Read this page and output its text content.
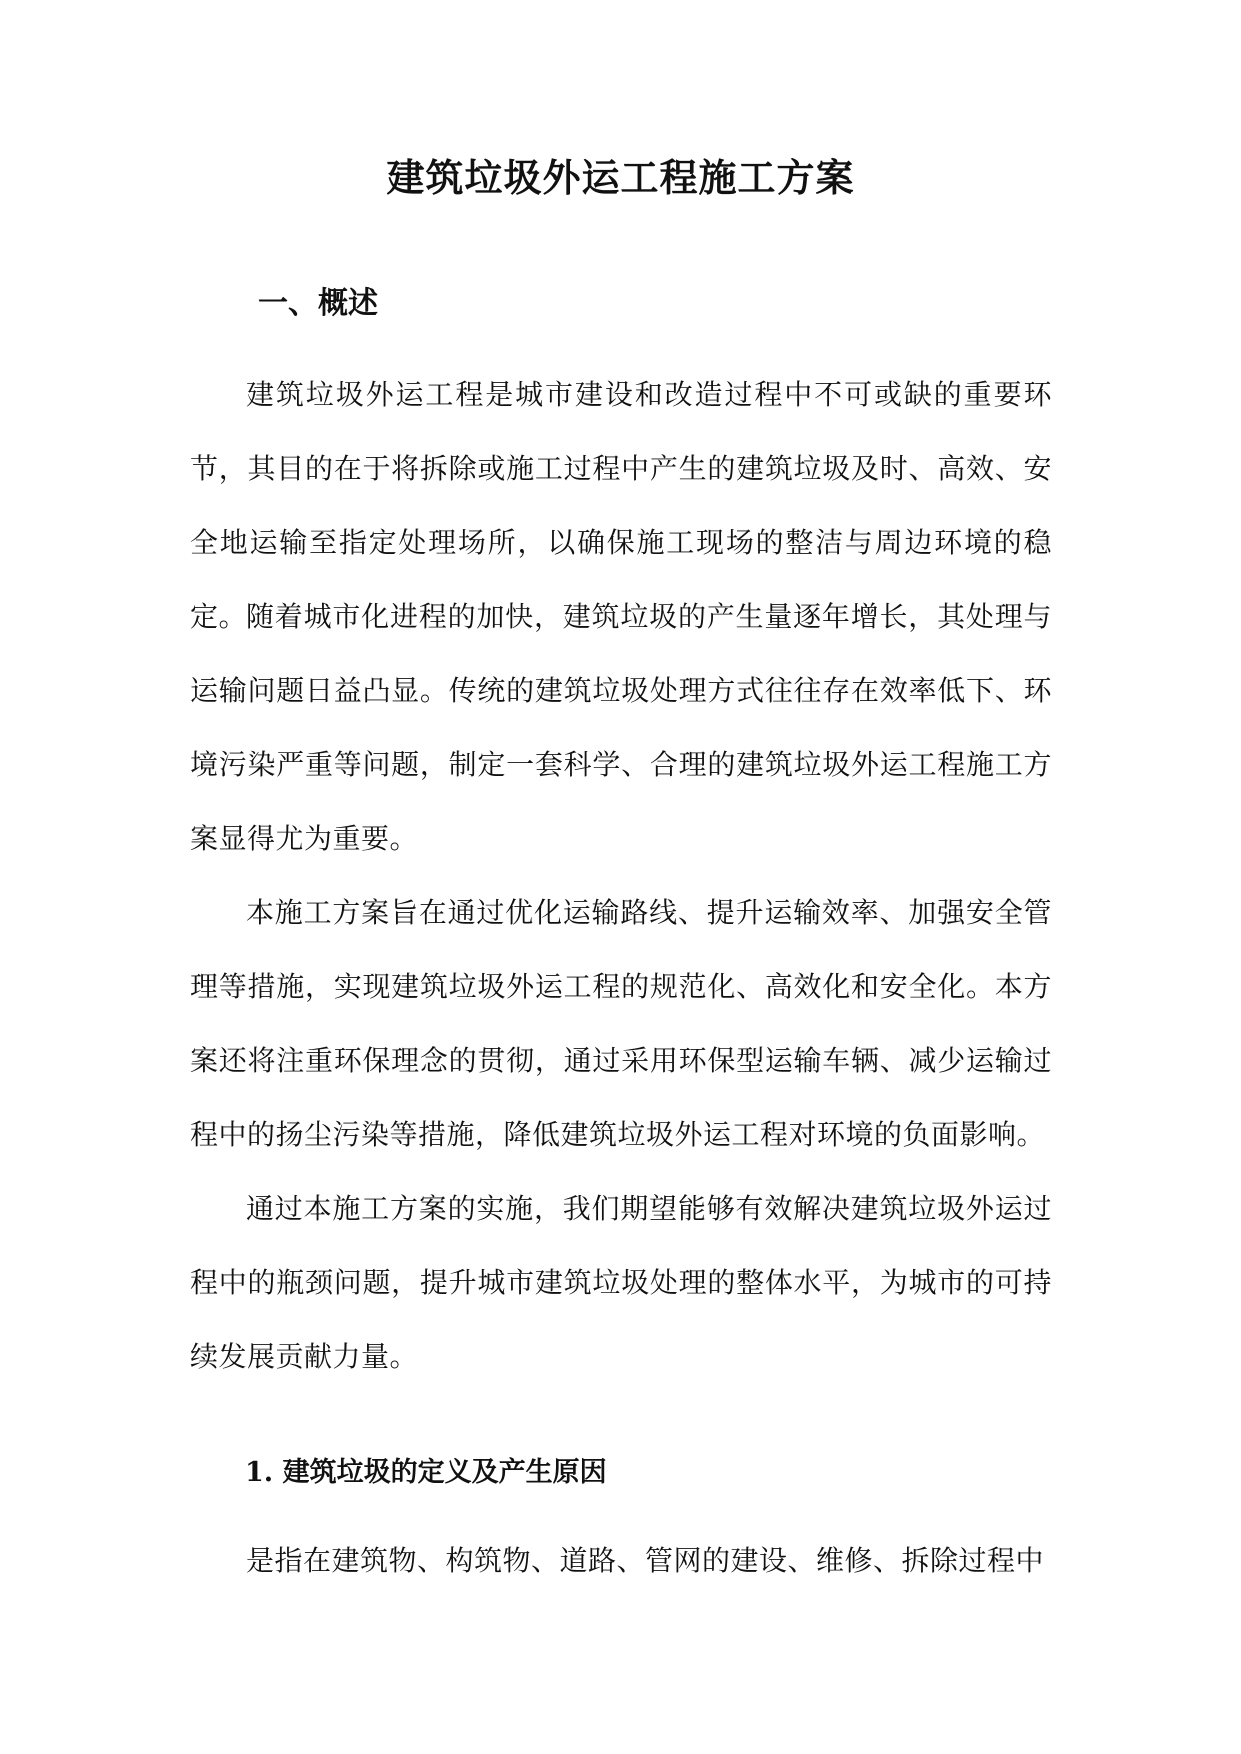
建筑垃圾外运工程施工方案
一、概述

建筑垃圾外运工程是城市建设和改造过程中不可或缺的重要环节，其目的在于将拆除或施工过程中产生的建筑垃圾及时、高效、安全地运输至指定处理场所，以确保施工现场的整洁与周边环境的稳定。

随着城市化进程的加快，建筑垃圾的产生量逐年增长，其处理与运输问题日益凸显。传统的建筑垃圾处理方式往往存在效率低下、环境污染严重等问题，制定一套科学、合理的建筑垃圾外运工程施工方案显得尤为重要。

本施工方案旨在通过优化运输路线、提升运输效率、加强安全管理等措施，实现建筑垃圾外运工程的规范化、高效化和安全化。本方案还将注重环保理念的贯彻，通过采用环保型运输车辆、减少运输过程中的扬尘污染等措施，降低建筑垃圾外运工程对环境的负面影响。

通过本施工方案的实施，我们期望能够有效解决建筑垃圾外运过程中的瓶颈问题，提升城市建筑垃圾处理的整体水平，为城市的可持续发展贡献力量。

1. 建筑垃圾的定义及产生原因

是指在建筑物、构筑物、道路、管网的建设、维修、拆除过程中
